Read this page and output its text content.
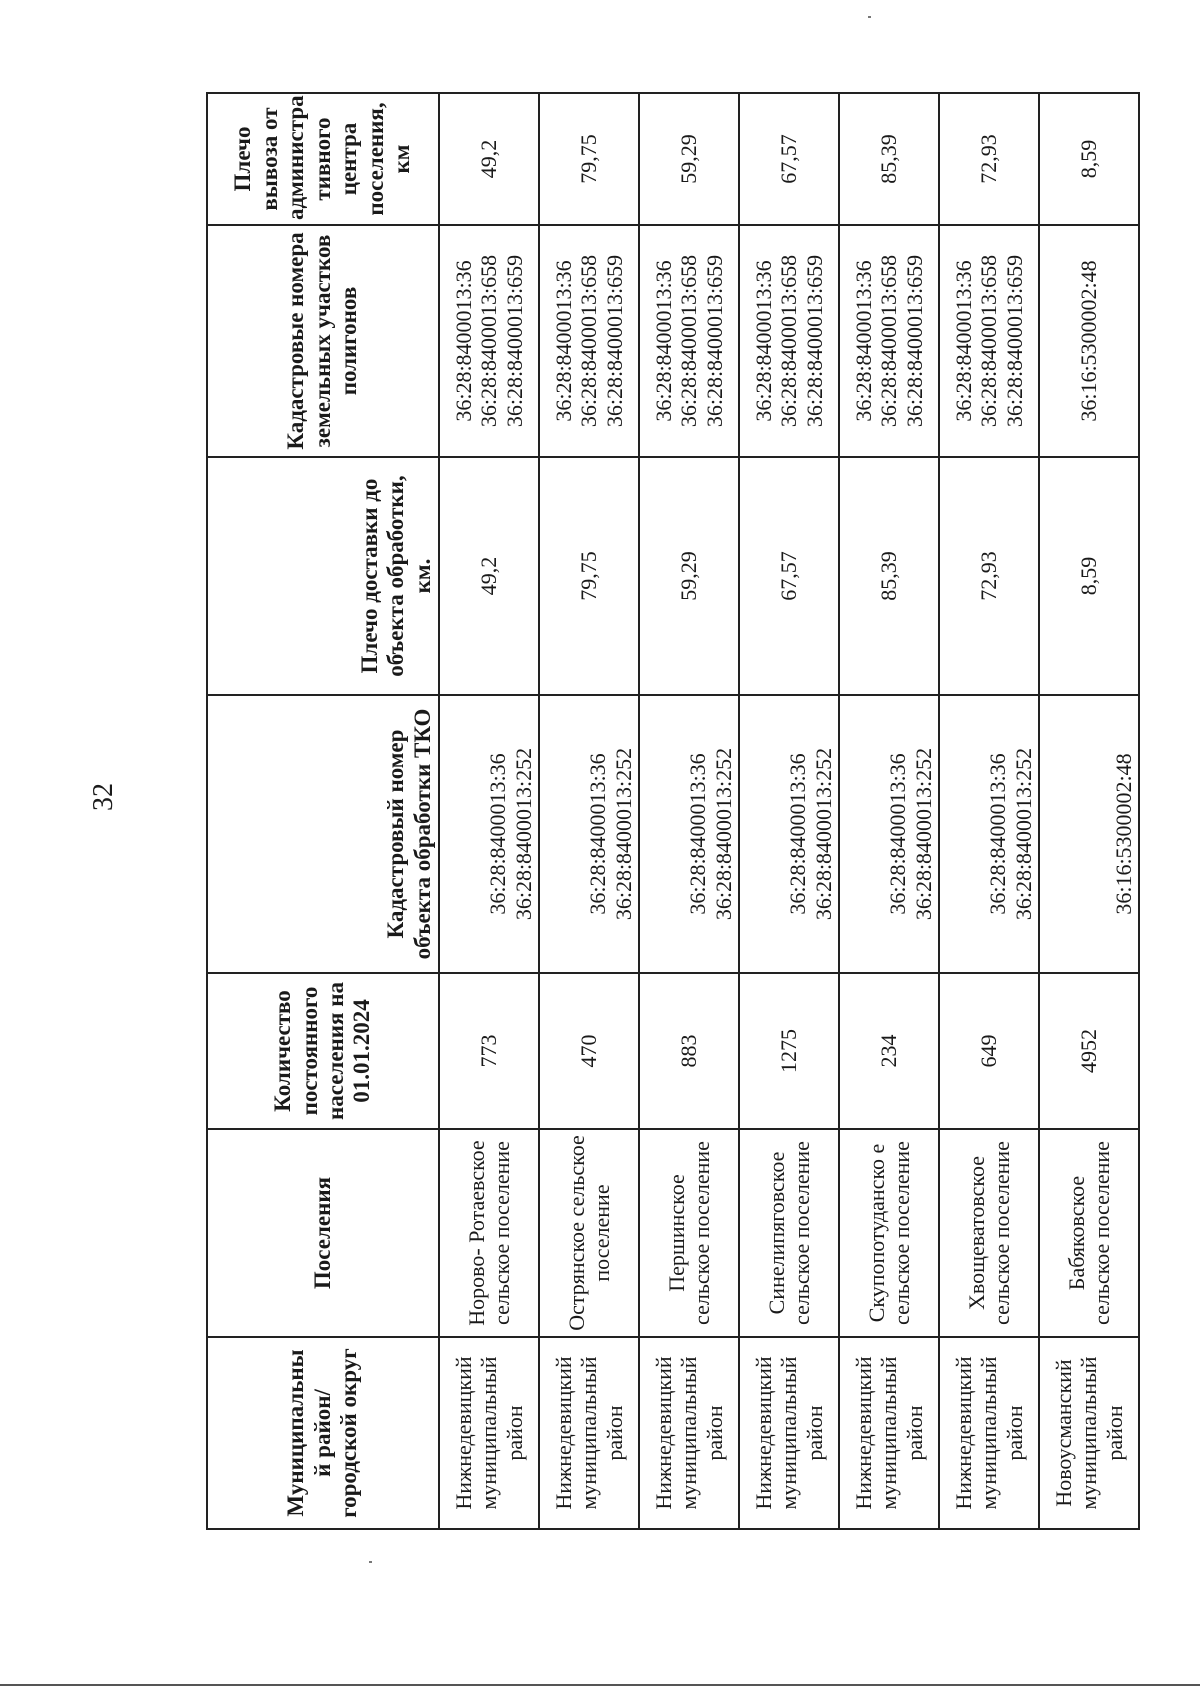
32
Муниципальны й район/ городской округ	Поселения	Количество постоянного населения на 01.01.2024	Кадастровый номер объекта обработки ТКО	Плечо доставки до объекта обработки, км.	Кадастровые номера земельных участков полигонов	Плечо вывоза от администра тивного центра поселения, км
Нижнедевицкий муниципальный район	Норово- Ротаевское сельское поселение	773	36:28:8400013:36 36:28:8400013:252	49,2	36:28:8400013:36 36:28:8400013:658 36:28:8400013:659	49,2
Нижнедевицкий муниципальный район	Острянское сельское поселение	470	36:28:8400013:36 36:28:8400013:252	79,75	36:28:8400013:36 36:28:8400013:658 36:28:8400013:659	79,75
Нижнедевицкий муниципальный район	Першинское сельское поселение	883	36:28:8400013:36 36:28:8400013:252	59,29	36:28:8400013:36 36:28:8400013:658 36:28:8400013:659	59,29
Нижнедевицкий муниципальный район	Синелипяговское сельское поселение	1275	36:28:8400013:36 36:28:8400013:252	67,57	36:28:8400013:36 36:28:8400013:658 36:28:8400013:659	67,57
Нижнедевицкий муниципальный район	Скупопотуданско е сельское поселение	234	36:28:8400013:36 36:28:8400013:252	85,39	36:28:8400013:36 36:28:8400013:658 36:28:8400013:659	85,39
Нижнедевицкий муниципальный район	Хвощеватовское сельское поселение	649	36:28:8400013:36 36:28:8400013:252	72,93	36:28:8400013:36 36:28:8400013:658 36:28:8400013:659	72,93
Новоусманский муниципальный район	Бабяковское сельское поселение	4952	36:16:5300002:48	8,59	36:16:5300002:48	8,59
